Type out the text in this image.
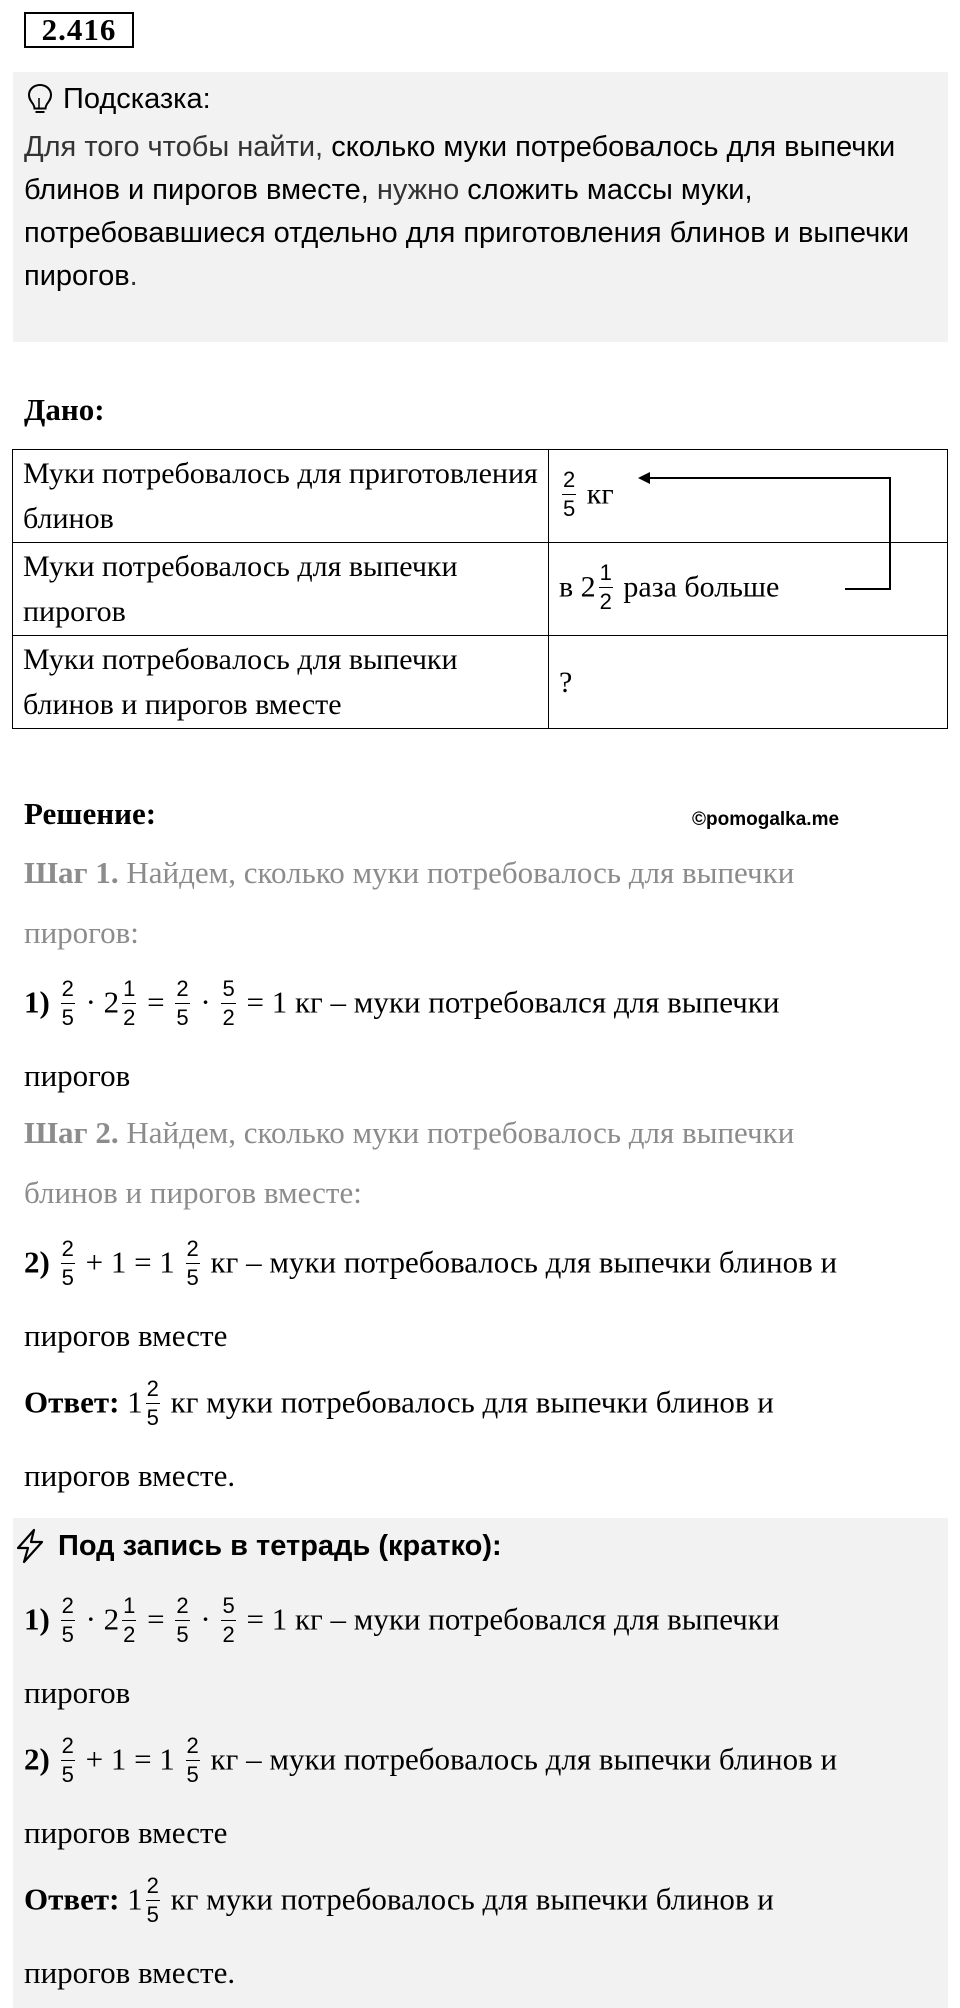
2.416
Подсказка:
Для того чтобы найти, сколько муки потребовалось для выпечки блинов и пирогов вместе, нужно сложить массы муки, потребовавшиеся отдельно для приготовления блинов и выпечки пирогов.
Дано:
Муки потребовалось для приготовления блинов	$\frac{2}{5}$ кг
Муки потребовалось для выпечки пирогов	в $2 \frac{1}{2}$ раза больше
Муки потребовалось для выпечки блинов и пирогов вместе	?
Решение:	©pomogalka.me
Шаг 1. Найдем, сколько муки потребовалось для выпечки
пирогов:
$1) \frac{2}{5} \cdot 2 \frac{1}{2} = \frac{2}{5} \cdot \frac{5}{2} = 1$ кг – муки потребовался для выпечки
пирогов
Шаг 2. Найдем, сколько муки потребовалось для выпечки
блинов и пирогов вместе:
$2) \frac{2}{5} + 1 = 1 \frac{2}{5}$ кг – муки потребовалось для выпечки блинов и
пирогов вместе
Ответ: $1 \frac{2}{5}$ кг муки потребовалось для выпечки блинов и
пирогов вместе.
Под запись в тетрадь (кратко):
$1) \frac{2}{5} \cdot 2 \frac{1}{2} = \frac{2}{5} \cdot \frac{5}{2} = 1$ кг – муки потребовался для выпечки
пирогов
$2) \frac{2}{5} + 1 = 1 \frac{2}{5}$ кг – муки потребовалось для выпечки блинов и
пирогов вместе
Ответ: $1 \frac{2}{5}$ кг муки потребовалось для выпечки блинов и
пирогов вместе.
